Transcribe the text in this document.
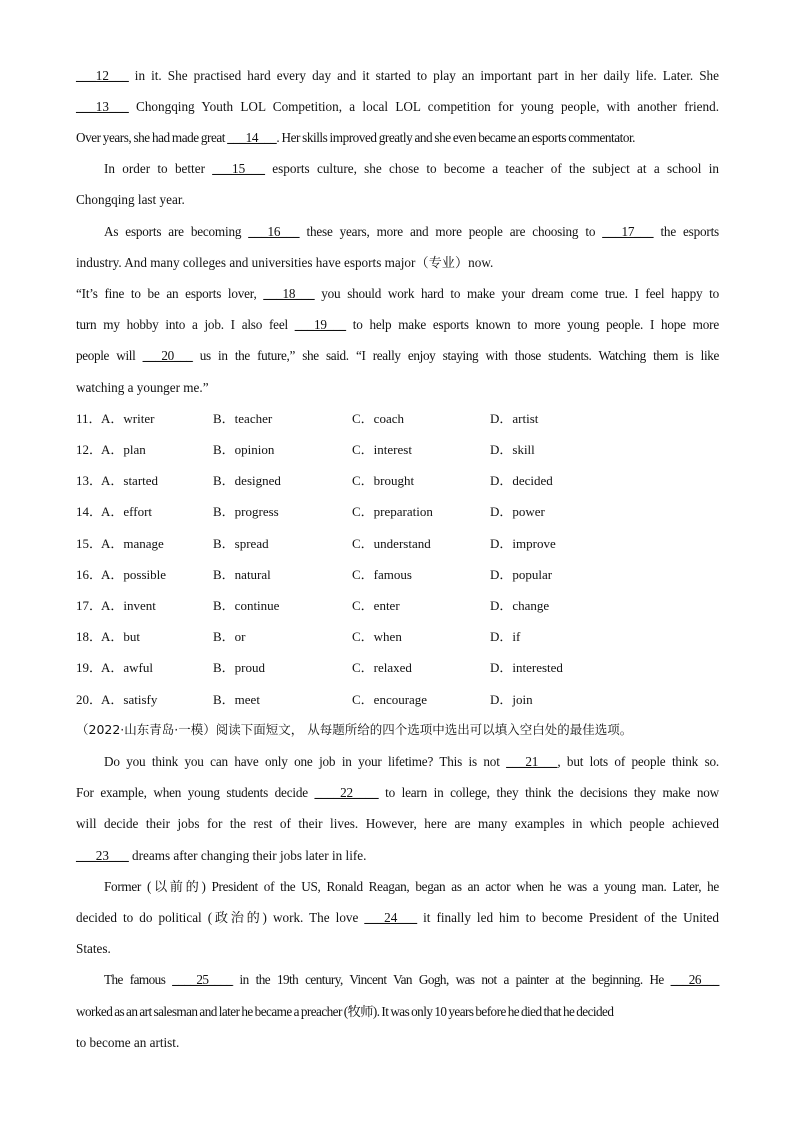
___12___ in it. She practised hard every day and it started to play an important part in her daily life. Later. She
___13___ Chongqing Youth LOL Competition, a local LOL competition for young people, with another friend.
Over years, she had made great ___14___. Her skills improved greatly and she even became an esports commentator.
In order to better ___15___ esports culture, she chose to become a teacher of the subject at a school in
Chongqing last year.
As esports are becoming ___16___ these years, more and more people are choosing to ___17___ the esports
industry. And many colleges and universities have esports major（专业）now.
“It’s fine to be an esports lover, ___18___ you should work hard to make your dream come true. I feel happy to
turn my hobby into a job. I also feel ___19___ to help make esports known to more young people. I hope more
people will ___20___ us in the future,” she said. “I really enjoy staying with those students. Watching them is like
watching a younger me.”
11． A．writer	B．teacher	C．coach	D．artist
12．
A．plan	B．opinion	C．interest	D．skill
13．
A．started	B．designed	C．brought	D．decided
14．
A．effort	B．progress	C．preparation	D．power
15．
A．manage	B．spread	C．understand	D．improve
16．
A．possible	B．natural	C．famous	D．popular
17．
A．invent	B．continue	C．enter	D．change
18．
A．but	B．or	C．when	D．if
19．
A．awful	B．proud	C．relaxed	D．interested
20．
A．satisfy	B．meet	C．encourage	D．join
（2022·山东青岛·一模）阅读下面短文， 从每题所给的四个选项中选出可以填入空白处的最佳选项。
Do you think you can have only one job in your lifetime? This is not ___21___, but lots of people think so.
For example, when young students decide ____22____ to learn in college, they think the decisions they make now
will decide their jobs for the rest of their lives. However, here are many examples in which people achieved
___23___ dreams after changing their jobs later in life.
Former (以前的) President of the US, Ronald Reagan, began as an actor when he was a young man. Later, he
decided to do political (政治的) work. The love ___24___ it finally led him to become President of the United
States.
The famous ____25____ in the 19th century, Vincent Van Gogh, was not a painter at the beginning. He ___26___
worked as an art salesman and later he became a preacher (牧师). It was only 10 years before he died that he decided
to become an artist.
